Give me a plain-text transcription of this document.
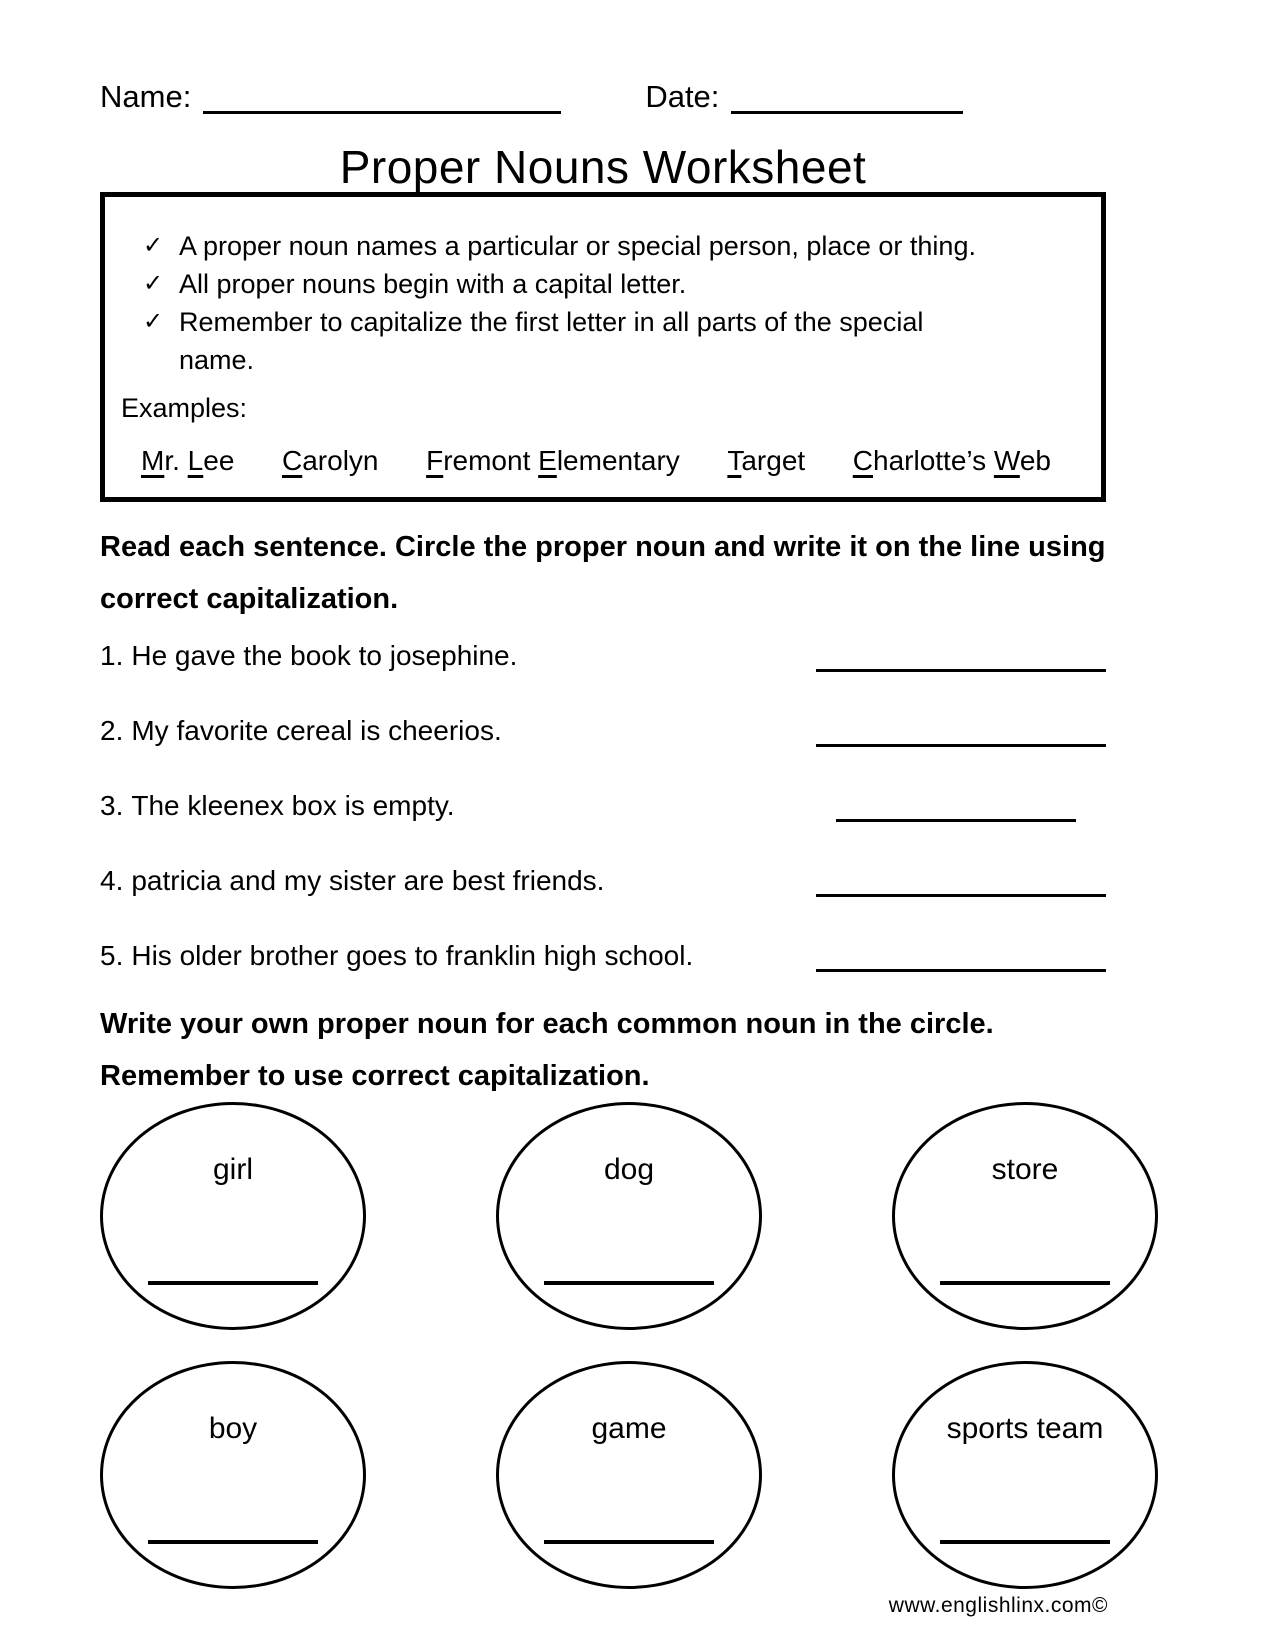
Name:	Date:
Proper Nouns Worksheet
✓ A proper noun names a particular or special person, place or thing.
✓ All proper nouns begin with a capital letter.
✓ Remember to capitalize the first letter in all parts of the special
name.
Examples:
Mr. Lee Carolyn Fremont Elementary Target Charlotte’s Web

Read each sentence. Circle the proper noun and write it on the line using
correct capitalization.

1. He gave the book to josephine.
2. My favorite cereal is cheerios.
3. The kleenex box is empty.
4. patricia and my sister are best friends.
5. His older brother goes to franklin high school.

Write your own proper noun for each common noun in the circle.
Remember to use correct capitalization.

girl	dog	store
boy	game	sports team
www.englishlinx.com©
